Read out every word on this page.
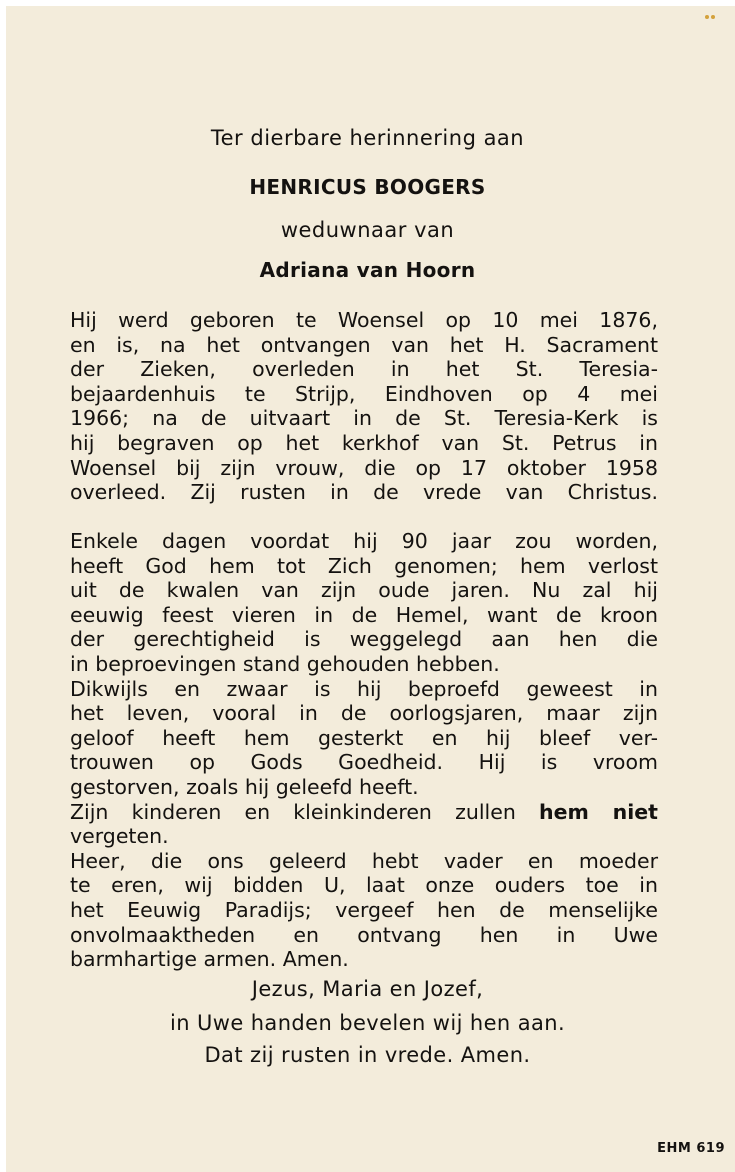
Ter dierbare herinnering aan
HENRICUS BOOGERS
weduwnaar van
Adriana van Hoorn
Hij werd geboren te Woensel op 10 mei 1876,
en is, na het ontvangen van het H. Sacrament
der Zieken, overleden in het St. Teresia-
bejaardenhuis te Strijp, Eindhoven op 4 mei
1966; na de uitvaart in de St. Teresia-Kerk is
hij begraven op het kerkhof van St. Petrus in
Woensel bij zijn vrouw, die op 17 oktober 1958
overleed. Zij rusten in de vrede van Christus.
Enkele dagen voordat hij 90 jaar zou worden,
heeft God hem tot Zich genomen; hem verlost
uit de kwalen van zijn oude jaren. Nu zal hij
eeuwig feest vieren in de Hemel, want de kroon
der gerechtigheid is weggelegd aan hen die
in beproevingen stand gehouden hebben.
Dikwijls en zwaar is hij beproefd geweest in
het leven, vooral in de oorlogsjaren, maar zijn
geloof heeft hem gesterkt en hij bleef ver-
trouwen op Gods Goedheid. Hij is vroom
gestorven, zoals hij geleefd heeft.
Zijn kinderen en kleinkinderen zullen hem niet
vergeten.
Heer, die ons geleerd hebt vader en moeder
te eren, wij bidden U, laat onze ouders toe in
het Eeuwig Paradijs; vergeef hen de menselijke
onvolmaaktheden en ontvang hen in Uwe
barmhartige armen. Amen.
Jezus, Maria en Jozef,
in Uwe handen bevelen wij hen aan.
Dat zij rusten in vrede. Amen.
EHM 619
